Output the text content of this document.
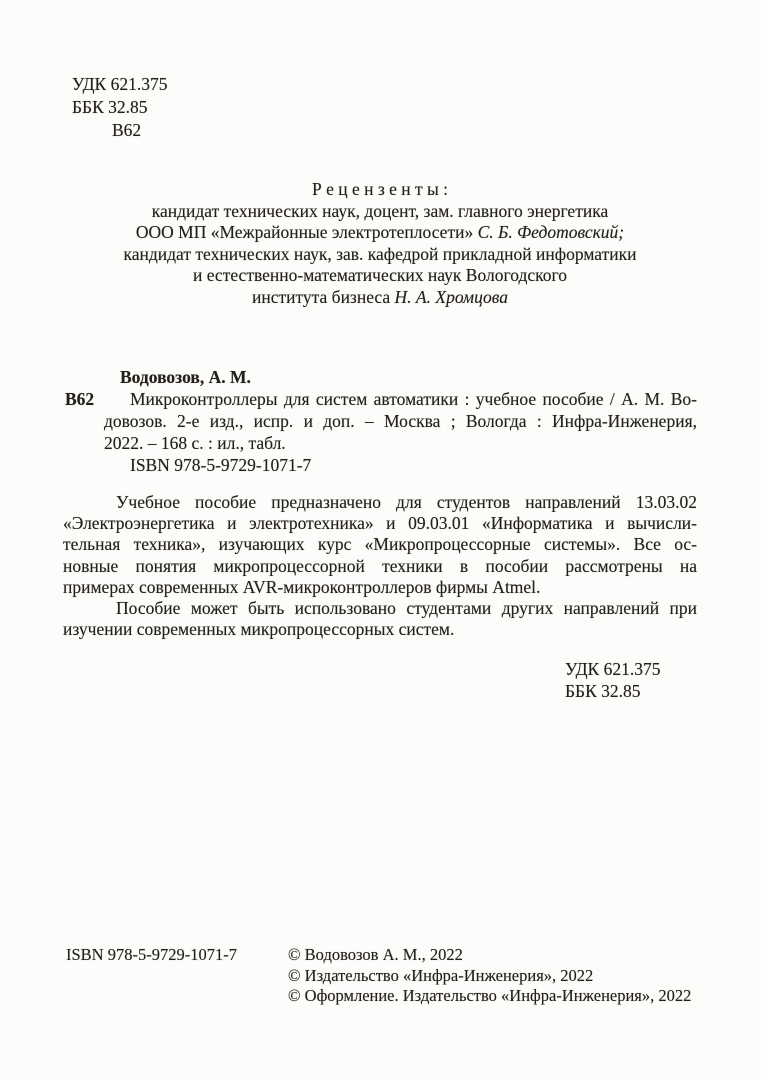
УДК 621.375
ББК 32.85
В62
Р е ц е н з е н т ы :
кандидат технических наук, доцент, зам. главного энергетика
ООО МП «Межрайонные электротеплосети» С. Б. Федотовский;
кандидат технических наук, зав. кафедрой прикладной информатики
и естественно-математических наук Вологодского
института бизнеса Н. А. Хромцова
Водовозов, А. М.
В62	Микроконтроллеры для систем автоматики : учебное пособие / А. М. Во-
довозов. 2-е изд., испр. и доп. – Москва ; Вологда : Инфра-Инженерия,
2022. – 168 с. : ил., табл.
ISBN 978-5-9729-1071-7
Учебное пособие предназначено для студентов направлений 13.03.02
«Электроэнергетика и электротехника» и 09.03.01 «Информатика и вычисли-
тельная техника», изучающих курс «Микропроцессорные системы». Все ос-
новные понятия микропроцессорной техники в пособии рассмотрены на
примерах современных AVR-микроконтроллеров фирмы Atmel.
Пособие может быть использовано студентами других направлений при
изучении современных микропроцессорных систем.
УДК 621.375
ББК 32.85
ISBN 978-5-9729-1071-7	© Водовозов А. М., 2022
© Издательство «Инфра-Инженерия», 2022
© Оформление. Издательство «Инфра-Инженерия», 2022
